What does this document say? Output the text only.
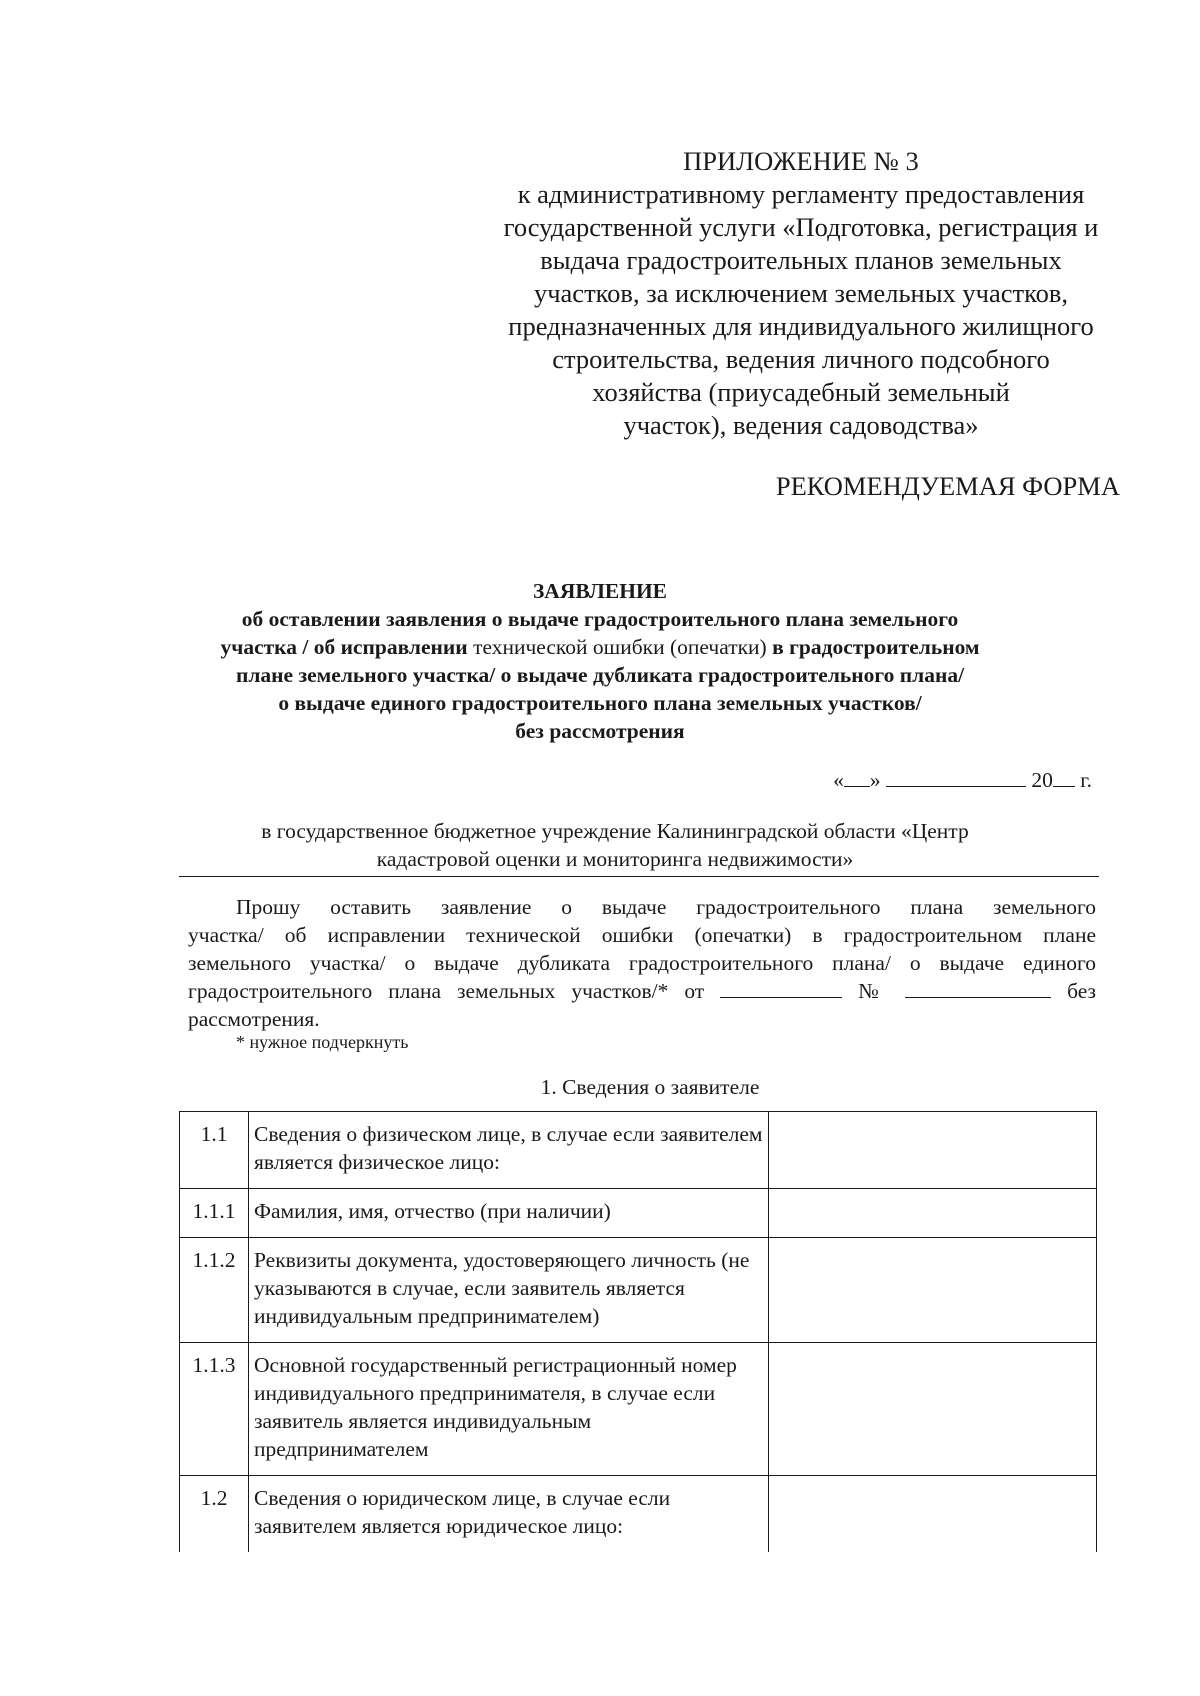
ПРИЛОЖЕНИЕ № 3
к административному регламенту предоставления
государственной услуги «Подготовка, регистрация и
выдача градостроительных планов земельных
участков, за исключением земельных участков,
предназначенных для индивидуального жилищного
строительства, ведения личного подсобного
хозяйства (приусадебный земельный
участок), ведения садоводства»
РЕКОМЕНДУЕМАЯ ФОРМА
ЗАЯВЛЕНИЕ
об оставлении заявления о выдаче градостроительного плана земельного
участка / об исправлении технической ошибки (опечатки) в градостроительном
плане земельного участка/ о выдаче дубликата градостроительного плана/
о выдаче единого градостроительного плана земельных участков/
без рассмотрения
« »	20 г.
в государственное бюджетное учреждение Калининградской области «Центр
кадастровой оценки и мониторинга недвижимости»
Прошу оставить заявление о выдаче градостроительного плана земельного
участка/ об исправлении технической ошибки (опечатки) в градостроительном плане
земельного участка/ о выдаче дубликата градостроительного плана/ о выдаче единого
градостроительного плана земельных участков/* от	№	без
рассмотрения.
* нужное подчеркнуть
1. Сведения о заявителе
1.1	Сведения о физическом лице, в случае если заявителем является физическое лицо:	
1.1.1	Фамилия, имя, отчество (при наличии)	
1.1.2	Реквизиты документа, удостоверяющего личность (не указываются в случае, если заявитель является индивидуальным предпринимателем)	
1.1.3	Основной государственный регистрационный номер индивидуального предпринимателя, в случае если заявитель является индивидуальным предпринимателем	
1.2	Сведения о юридическом лице, в случае если заявителем является юридическое лицо:	
